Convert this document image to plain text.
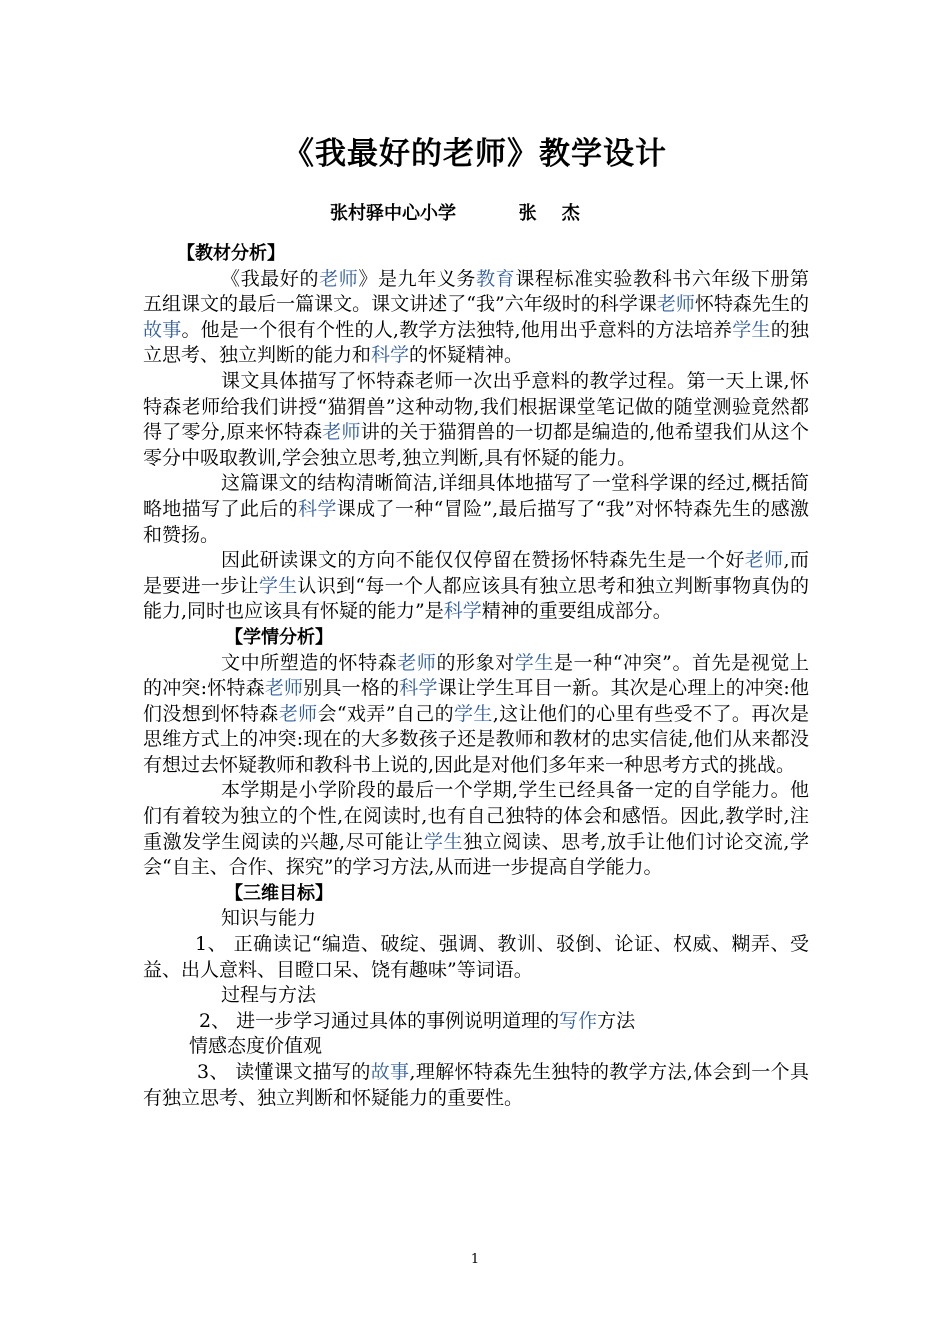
《我最好的老师》教学设计
张村驿中心小学          张    杰
【教材分析】

《我最好的老师》是九年义务教育课程标准实验教科书六年级下册第五组课文的最后一篇课文。课文讲述了“我”六年级时的科学课老师怀特森先生的故事。他是一个很有个性的人,教学方法独特,他用出乎意料的方法培养学生的独立思考、独立判断的能力和科学的怀疑精神。

课文具体描写了怀特森老师一次出乎意料的教学过程。第一天上课,怀特森老师给我们讲授“猫猬兽”这种动物,我们根据课堂笔记做的随堂测验竟然都得了零分,原来怀特森老师讲的关于猫猬兽的一切都是编造的,他希望我们从这个零分中吸取教训,学会独立思考,独立判断,具有怀疑的能力。

这篇课文的结构清晰简洁,详细具体地描写了一堂科学课的经过,概括简略地描写了此后的科学课成了一种“冒险”,最后描写了“我”对怀特森先生的感激和赞扬。

因此研读课文的方向不能仅仅停留在赞扬怀特森先生是一个好老师,而是要进一步让学生认识到“每一个人都应该具有独立思考和独立判断事物真伪的能力,同时也应该具有怀疑的能力”是科学精神的重要组成部分。

【学情分析】

文中所塑造的怀特森老师的形象对学生是一种“冲突”。首先是视觉上的冲突:怀特森老师别具一格的科学课让学生耳目一新。其次是心理上的冲突:他们没想到怀特森老师会“戏弄”自己的学生,这让他们的心里有些受不了。再次是思维方式上的冲突:现在的大多数孩子还是教师和教材的忠实信徒,他们从来都没有想过去怀疑教师和教科书上说的,因此是对他们多年来一种思考方式的挑战。

本学期是小学阶段的最后一个学期,学生已经具备一定的自学能力。他们有着较为独立的个性,在阅读时,也有自己独特的体会和感悟。因此,教学时,注重激发学生阅读的兴趣,尽可能让学生独立阅读、思考,放手让他们讨论交流,学会“自主、合作、探究”的学习方法,从而进一步提高自学能力。

【三维目标】

知识与能力

1、 正确读记“编造、破绽、强调、教训、驳倒、论证、权威、糊弄、受益、出人意料、目瞪口呆、饶有趣味”等词语。

过程与方法

2、 进一步学习通过具体的事例说明道理的写作方法

情感态度价值观

3、 读懂课文描写的故事,理解怀特森先生独特的教学方法,体会到一个具有独立思考、独立判断和怀疑能力的重要性。

1
